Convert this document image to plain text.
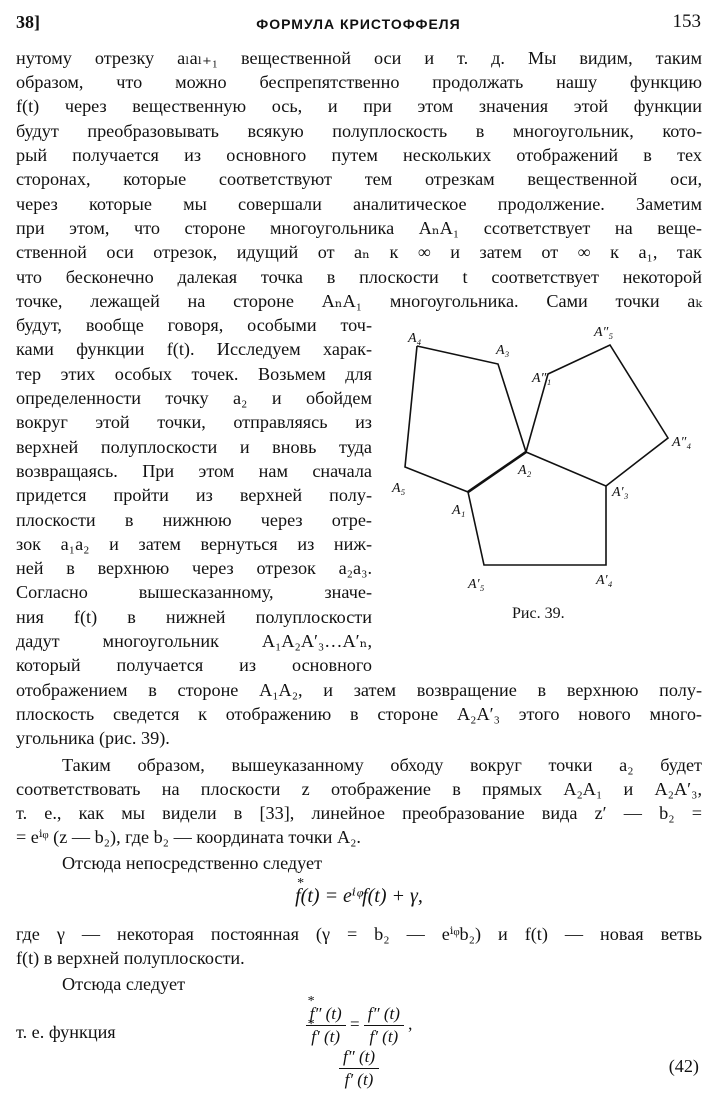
38]	ФОРМУЛА КРИСТОФФЕЛЯ	153
нутому отрезку aₗaₗ₊₁ вещественной оси и т. д. Мы видим, таким
образом, что можно беспрепятственно продолжать нашу функцию
f(t) через вещественную ось, и при этом значения этой функции
будут преобразовывать всякую полуплоскость в многоугольник, кото-
рый получается из основного путем нескольких отображений в тех
сторонах, которые соответствуют тем отрезкам вещественной оси,
через которые мы совершали аналитическое продолжение. Заметим
при этом, что стороне многоугольника AₙA₁ ссответствует на веще-
ственной оси отрезок, идущий от aₙ к ∞ и затем от ∞ к a₁, так
что бесконечно далекая точка в плоскости t соответствует некоторой
точке, лежащей на стороне AₙA₁ многоугольника. Сами точки aₖ
будут, вообще говоря, особыми точ-
ками функции f(t). Исследуем харак-
тер этих особых точек. Возьмем для
определенности точку a₂ и обойдем
вокруг этой точки, отправляясь из
верхней полуплоскости и вновь туда
возвращаясь. При этом нам сначала
придется пройти из верхней полу-
плоскости в нижнюю через отре-
зок a₁a₂ и затем вернуться из ниж-
ней в верхнюю через отрезок a₂a₃.
Согласно вышесказанному, значе-
ния f(t) в нижней полуплоскости
дадут многоугольник A₁A₂A′₃…A′ₙ,
который получается из основного
отображением в стороне A₁A₂, и затем возвращение в верхнюю полу-
плоскость сведется к отображению в стороне A₂A′₃ этого нового много-
угольника (рис. 39).
Таким образом, вышеуказанному обходу вокруг точки a₂ будет
соответствовать на плоскости z отображение в прямых A₂A₁ и A₂A′₃,
т. е., как мы видели в [33], линейное преобразование вида z′ — b₂ =
= eⁱᵠ (z — b₂), где b₂ — координата точки A₂.
Отсюда непосредственно следует
* f(t) = eⁱᵠf(t) + γ,
где γ — некоторая постоянная (γ = b₂ — eⁱᵠb₂) и f(t) — новая ветвь
f(t) в верхней полуплоскости.
Отсюда следует
* f″ (t)
* f′ $(t) = \frac{f'' (t)}{f' (t)}$ ,
т. е. функция
$\frac{f'' (t)}{f' (t)}$	(42)
A₄
A₃
A″₁
A″₅
A″₄
A₂
A′₃
A₅
A₁
A′₅	A′₄
Рис. 39.
